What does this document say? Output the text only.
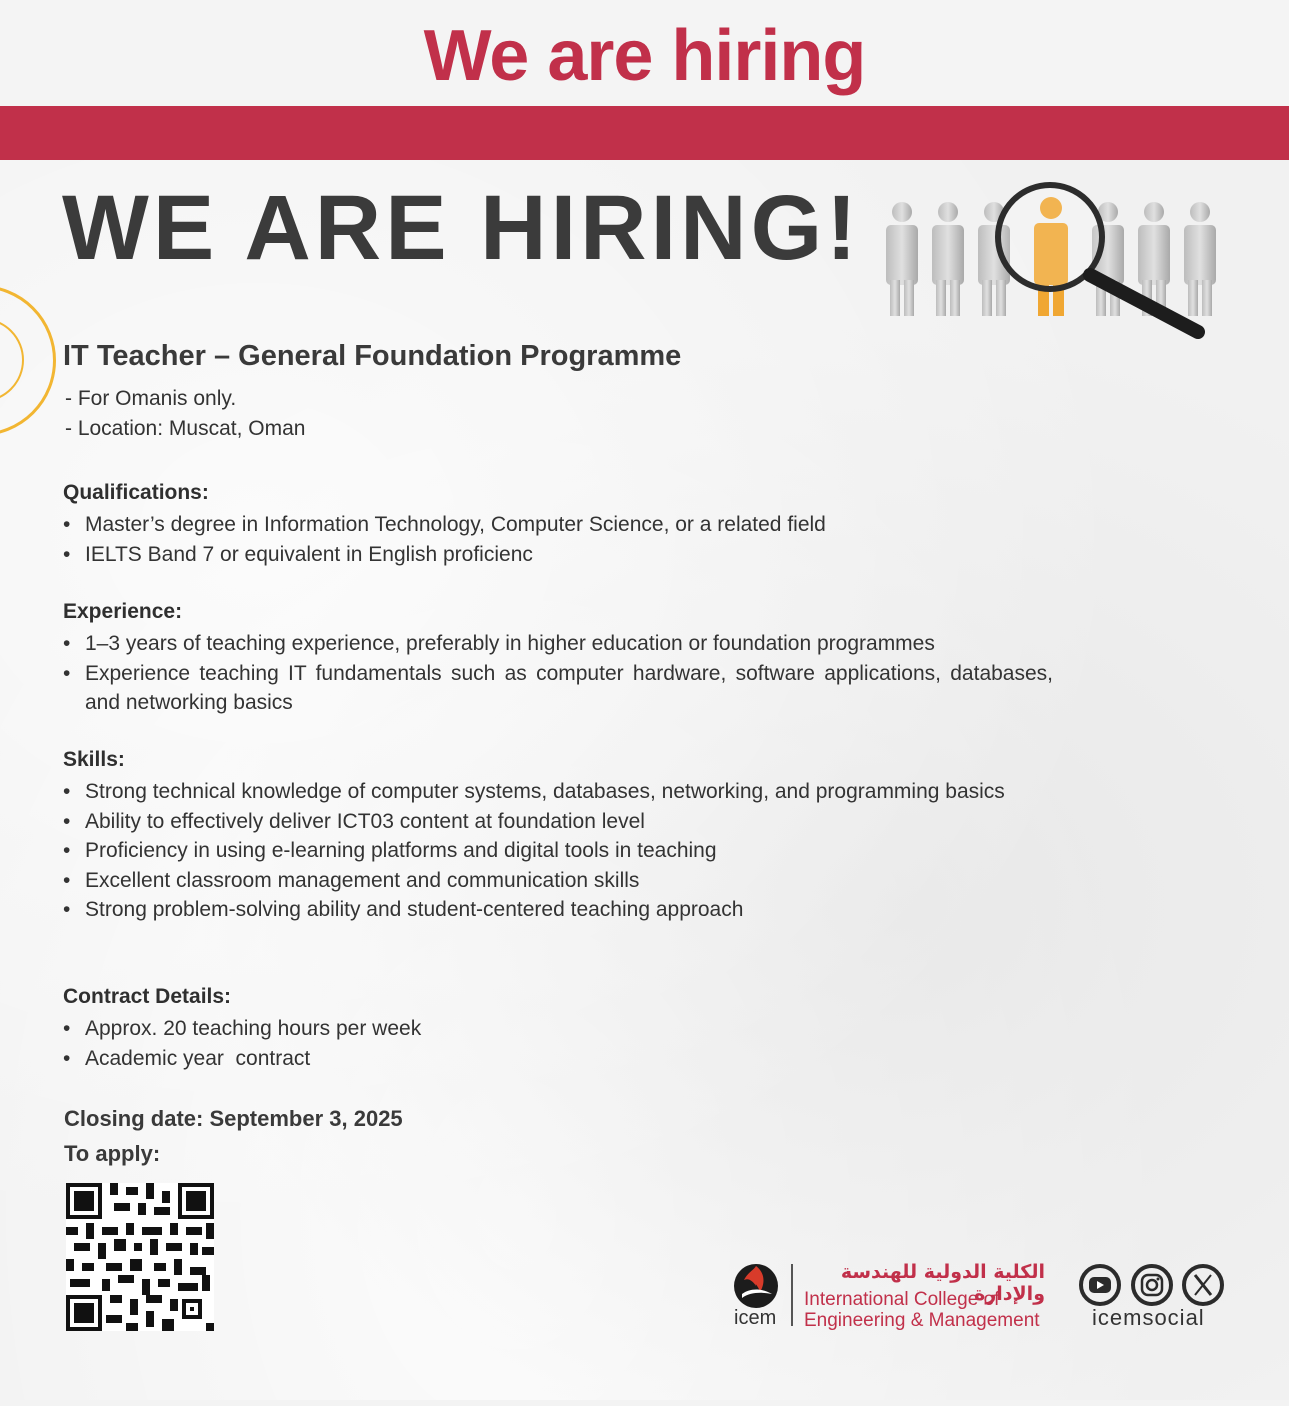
We are hiring
WE ARE HIRING!
IT Teacher – General Foundation Programme
- For Omanis only.
- Location: Muscat, Oman
Qualifications:
• Master’s degree in Information Technology, Computer Science, or a related field
• IELTS Band 7 or equivalent in English proficienc
Experience:
• 1–3 years of teaching experience, preferably in higher education or foundation programmes
• Experience teaching IT fundamentals such as computer hardware, software applications, databases, and networking basics
Skills:
• Strong technical knowledge of computer systems, databases, networking, and programming basics
• Ability to effectively deliver ICT03 content at foundation level
• Proficiency in using e-learning platforms and digital tools in teaching
• Excellent classroom management and communication skills
• Strong problem-solving ability and student-centered teaching approach
Contract Details:
• Approx. 20 teaching hours per week
• Academic year  contract
Closing date: September 3, 2025
To apply:
icem
الكلية الدولية للهندسة والإدارة
International College of
Engineering & Management icemsocial
